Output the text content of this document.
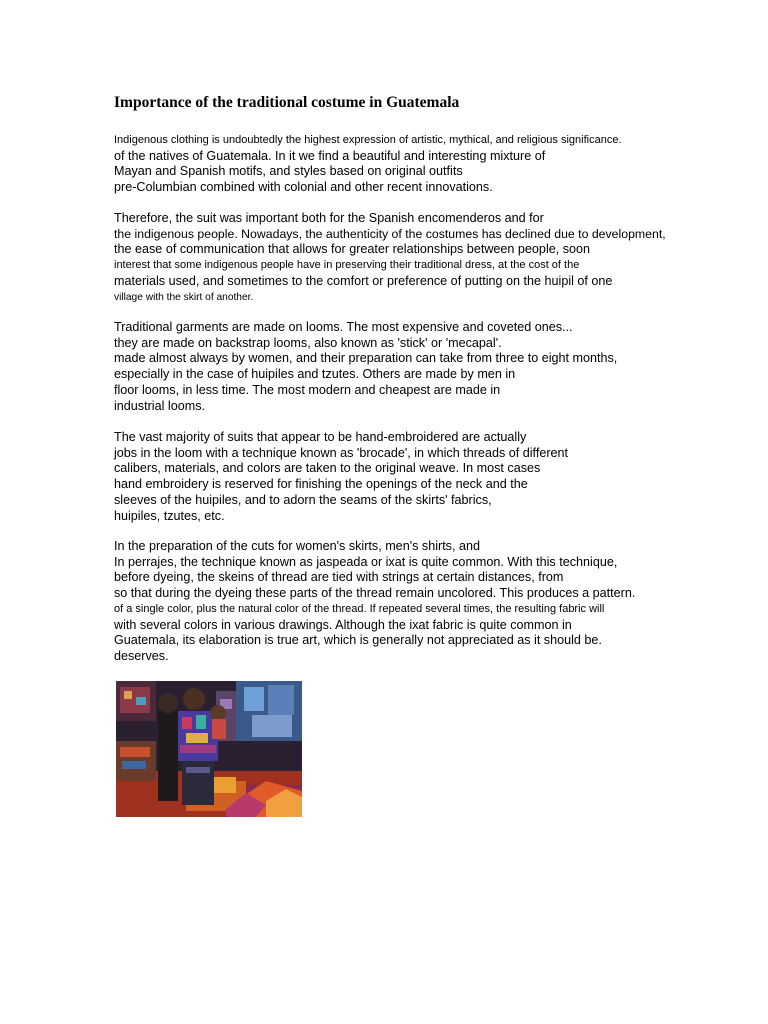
Importance of the traditional costume in Guatemala

Indigenous clothing is undoubtedly the highest expression of artistic, mythical, and religious significance.
of the natives of Guatemala. In it we find a beautiful and interesting mixture of
Mayan and Spanish motifs, and styles based on original outfits
pre-Columbian combined with colonial and other recent innovations.

Therefore, the suit was important both for the Spanish encomenderos and for
the indigenous people. Nowadays, the authenticity of the costumes has declined due to development,
the ease of communication that allows for greater relationships between people, soon
interest that some indigenous people have in preserving their traditional dress, at the cost of the
materials used, and sometimes to the comfort or preference of putting on the huipil of one
village with the skirt of another.

Traditional garments are made on looms. The most expensive and coveted ones...
they are made on backstrap looms, also known as 'stick' or 'mecapal'.
made almost always by women, and their preparation can take from three to eight months,
especially in the case of huipiles and tzutes. Others are made by men in
floor looms, in less time. The most modern and cheapest are made in
industrial looms.

The vast majority of suits that appear to be hand-embroidered are actually
jobs in the loom with a technique known as 'brocade', in which threads of different
calibers, materials, and colors are taken to the original weave. In most cases
hand embroidery is reserved for finishing the openings of the neck and the
sleeves of the huipiles, and to adorn the seams of the skirts' fabrics,
huipiles, tzutes, etc.

In the preparation of the cuts for women's skirts, men's shirts, and
In perrajes, the technique known as jaspeada or ixat is quite common. With this technique,
before dyeing, the skeins of thread are tied with strings at certain distances, from
so that during the dyeing these parts of the thread remain uncolored. This produces a pattern.
of a single color, plus the natural color of the thread. If repeated several times, the resulting fabric will
with several colors in various drawings. Although the ixat fabric is quite common in
Guatemala, its elaboration is true art, which is generally not appreciated as it should be.
deserves.
